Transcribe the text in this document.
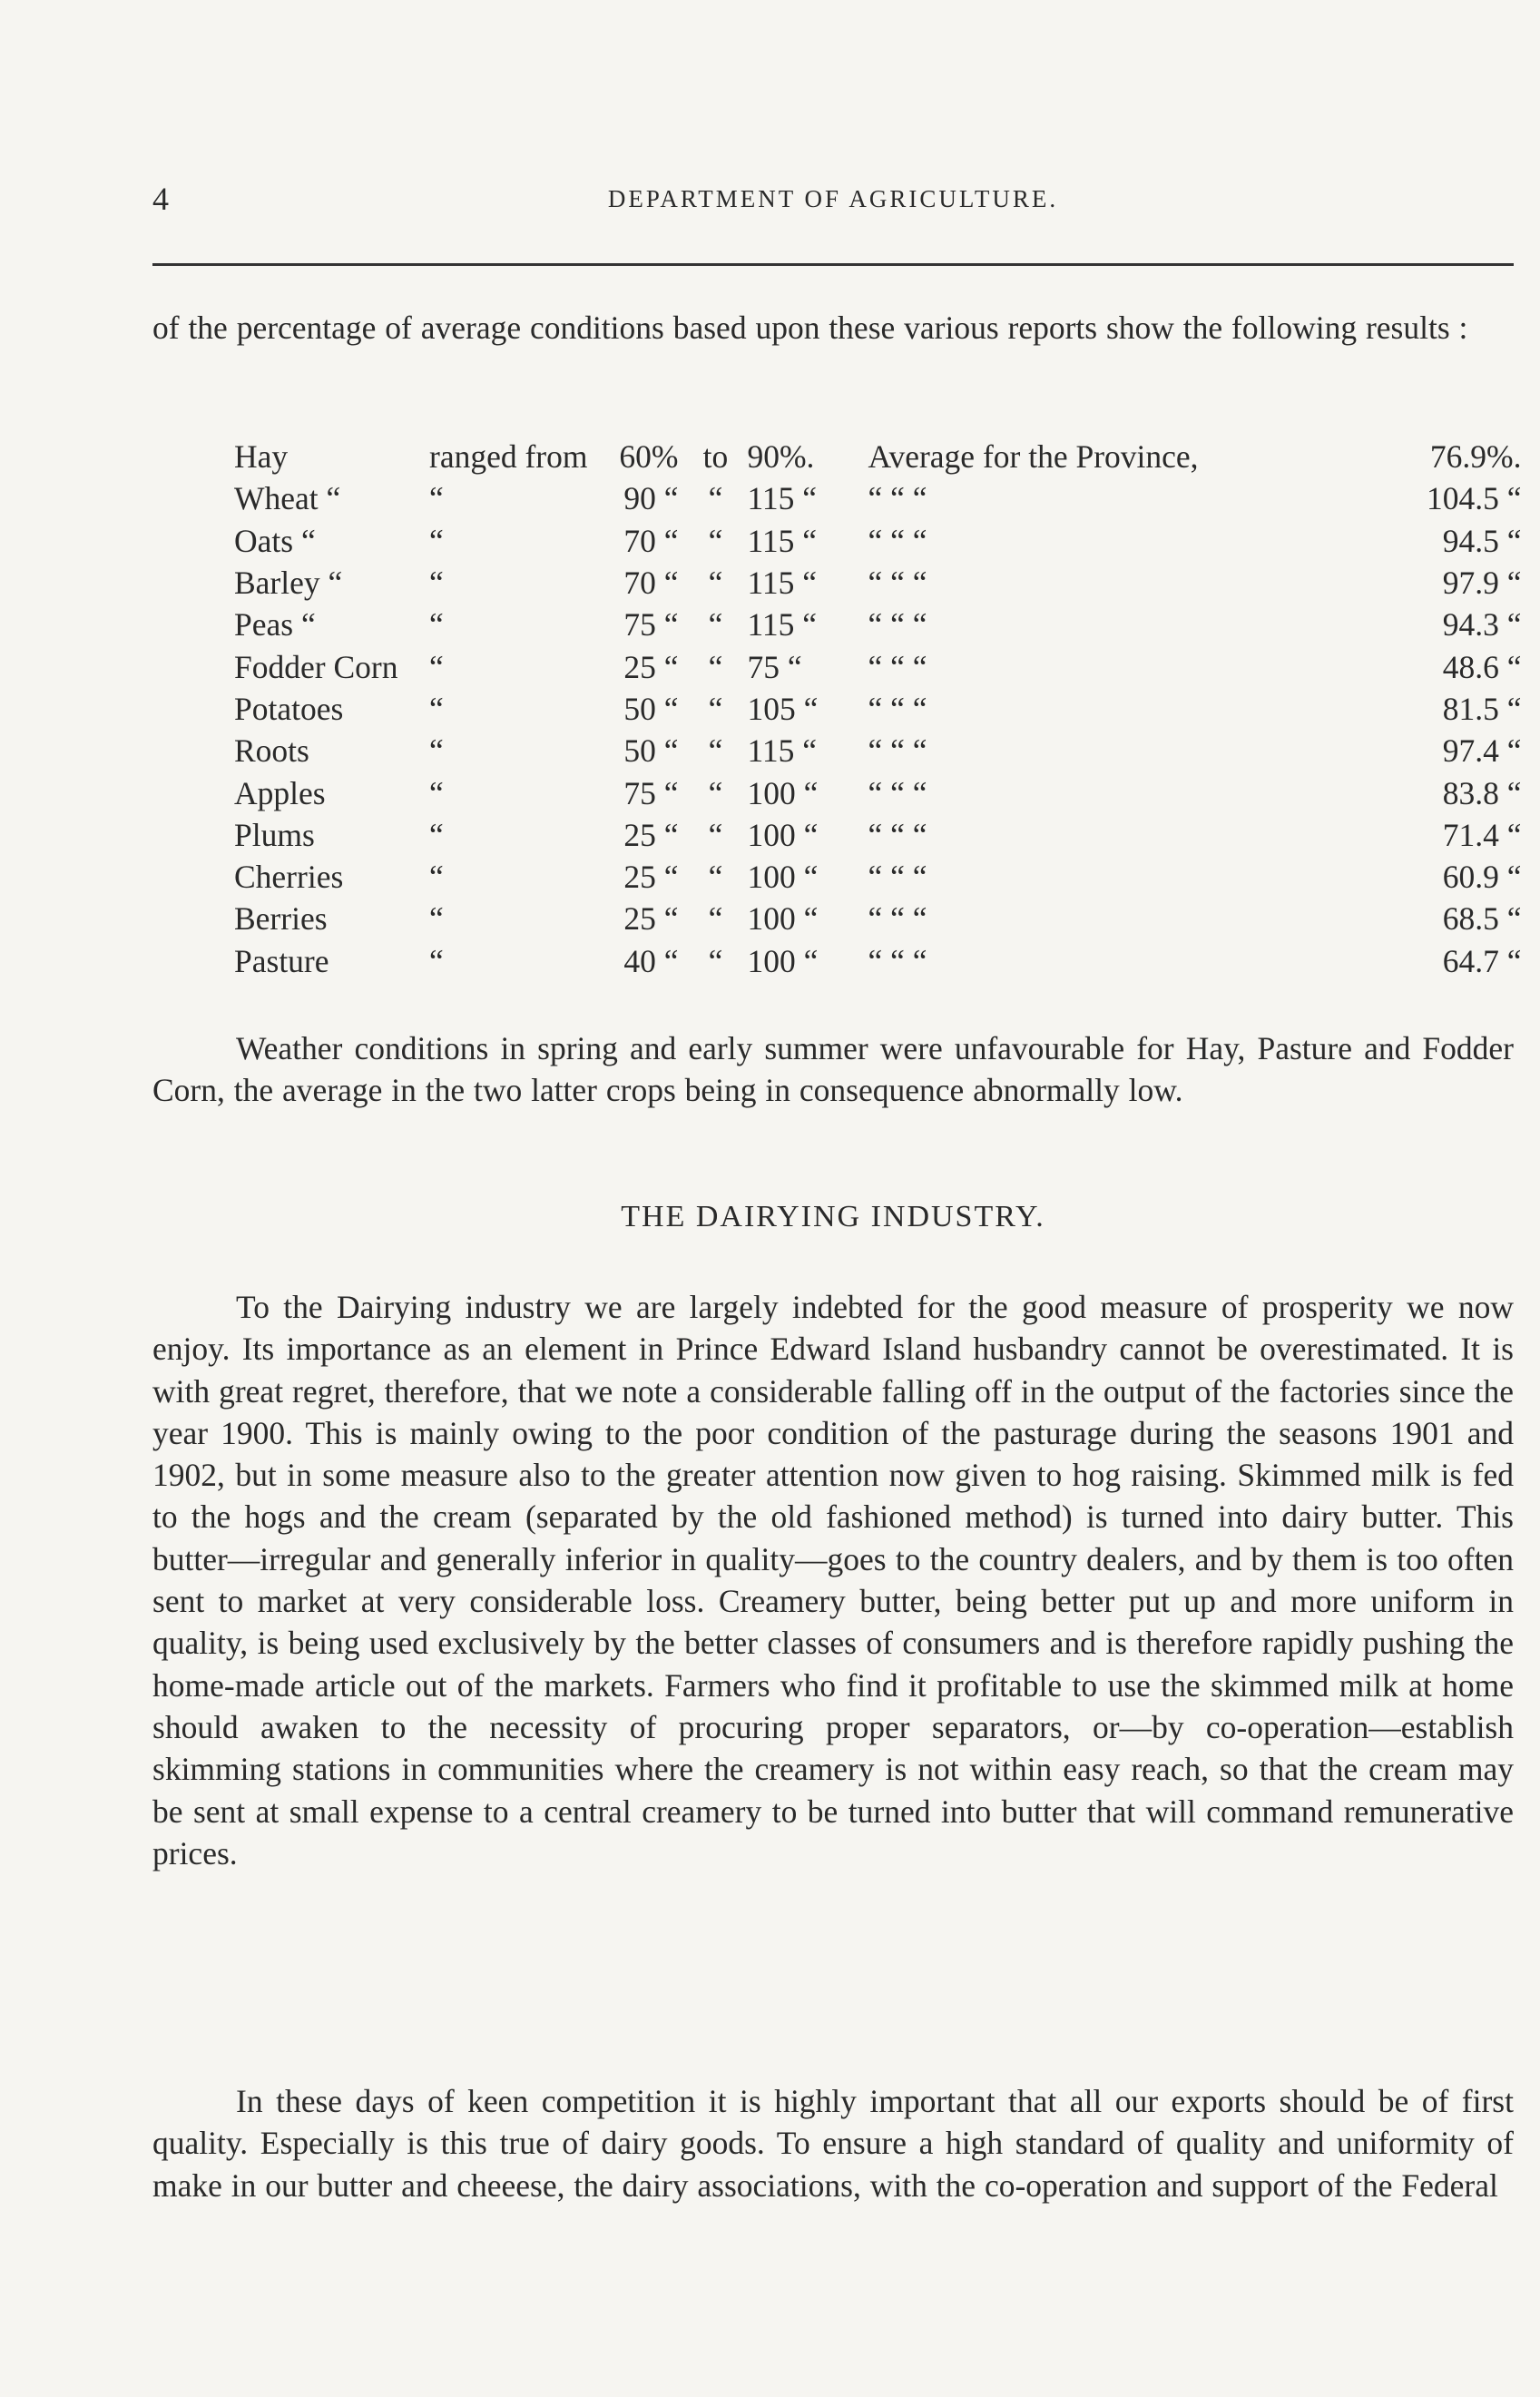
4	DEPARTMENT OF AGRICULTURE.

of the percentage of average conditions based upon these various reports show the following results :

Hay	ranged from	60%	to	90%.	Average for the Province,	76.9%.
Wheat “	“	90 “	“	115 “	“ “ “	104.5 “
Oats “	“	70 “	“	115 “	“ “ “	94.5 “
Barley “	“	70 “	“	115 “	“ “ “	97.9 “
Peas “	“	75 “	“	115 “	“ “ “	94.3 “
Fodder Corn	“	25 “	“	75 “	“ “ “	48.6 “
Potatoes	“	50 “	“	105 “	“ “ “	81.5 “
Roots	“	50 “	“	115 “	“ “ “	97.4 “
Apples	“	75 “	“	100 “	“ “ “	83.8 “
Plums	“	25 “	“	100 “	“ “ “	71.4 “
Cherries	“	25 “	“	100 “	“ “ “	60.9 “
Berries	“	25 “	“	100 “	“ “ “	68.5 “
Pasture	“	40 “	“	100 “	“ “ “	64.7 “

Weather conditions in spring and early summer were unfavourable for Hay, Pasture and Fodder Corn, the average in the two latter crops being in consequence abnormally low.

THE DAIRYING INDUSTRY.

To the Dairying industry we are largely indebted for the good measure of prosperity we now enjoy. Its importance as an element in Prince Edward Island husbandry cannot be overestimated. It is with great regret, therefore, that we note a considerable falling off in the output of the factories since the year 1900. This is mainly owing to the poor condition of the pasturage during the seasons 1901 and 1902, but in some measure also to the greater attention now given to hog raising. Skimmed milk is fed to the hogs and the cream (separated by the old fashioned method) is turned into dairy butter. This butter—irregular and generally inferior in quality—goes to the country dealers, and by them is too often sent to market at very considerable loss. Creamery butter, being better put up and more uniform in quality, is being used exclusively by the better classes of consumers and is therefore rapidly pushing the home-made article out of the markets. Farmers who find it profitable to use the skimmed milk at home should awaken to the necessity of procuring proper separators, or—by co-operation—establish skimming stations in communities where the creamery is not within easy reach, so that the cream may be sent at small expense to a central creamery to be turned into butter that will command remunerative prices.

In these days of keen competition it is highly important that all our exports should be of first quality. Especially is this true of dairy goods. To ensure a high standard of quality and uniformity of make in our butter and cheeese, the dairy associations, with the co-operation and support of the Federal
